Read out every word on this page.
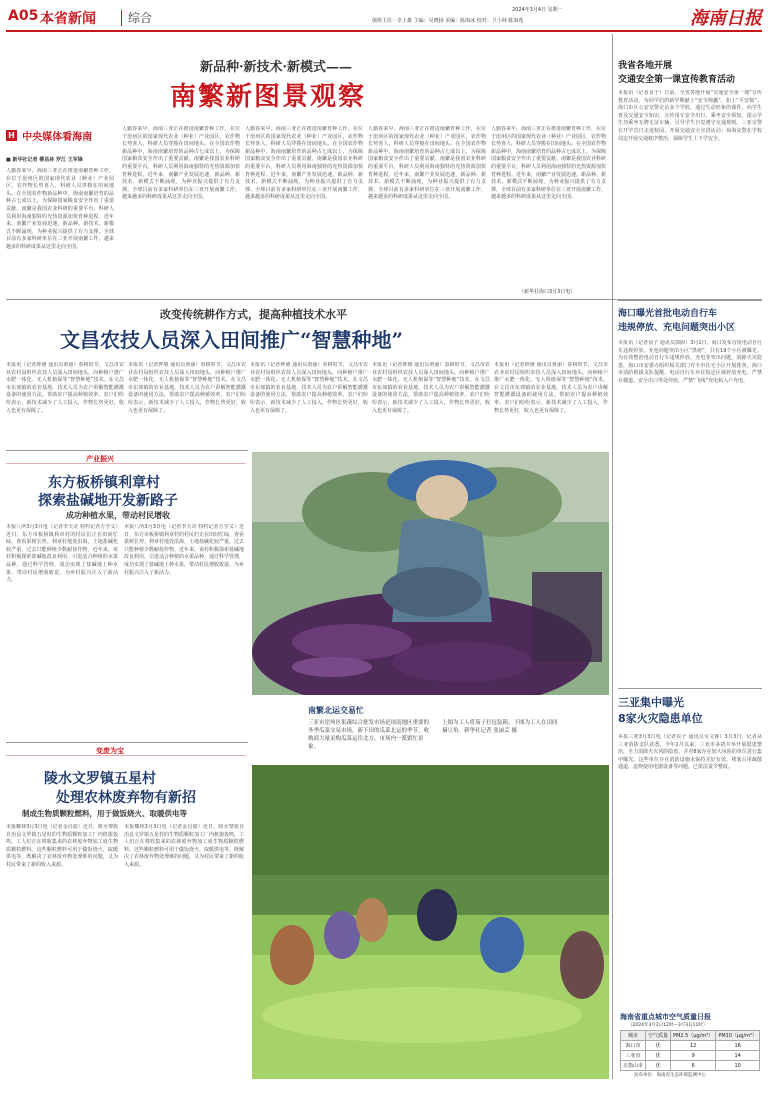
A05 本省新闻	综合
2024年3月4日 星期一
值班主任：卓上雄 主编：吴晓扬 美编：陈海冰 校对：卫小林 陈海莲	海南日报
新品种·新技术·新模式——
南繁新图景观察
H 中央媒体看海南
■ 新华社记者 柳昌林 罗江 王军锋
人勤春来早。海南三亚正在推进南繁育种工作，在位于崖州区的国家现代农业（种业）产业园区，农作物长势喜人，科研人员穿梭在田间地头。在全国农作物新品种中，海南南繁培育的品种占七成以上，为保障国家粮食安全作出了重要贡献。南繁是我国农业科研的重要平台，科研人员利用海南独特的光热资源加快育种进程。近年来，南繁产业发展迅速，新品种、新技术、新模式不断涌现，为种业振兴提供了有力支撑。全球目前有多家科研单位在三亚开展南繁工作，越来越多的科研成果从这里走向全国。
人勤春来早。海南三亚正在推进南繁育种工作，在位于崖州区的国家现代农业（种业）产业园区，农作物长势喜人，科研人员穿梭在田间地头。在全国农作物新品种中，海南南繁培育的品种占七成以上，为保障国家粮食安全作出了重要贡献。南繁是我国农业科研的重要平台，科研人员利用海南独特的光热资源加快育种进程。近年来，南繁产业发展迅速，新品种、新技术、新模式不断涌现，为种业振兴提供了有力支撑。全球目前有多家科研单位在三亚开展南繁工作，越来越多的科研成果从这里走向全国。
人勤春来早。海南三亚正在推进南繁育种工作，在位于崖州区的国家现代农业（种业）产业园区，农作物长势喜人，科研人员穿梭在田间地头。在全国农作物新品种中，海南南繁培育的品种占七成以上，为保障国家粮食安全作出了重要贡献。南繁是我国农业科研的重要平台，科研人员利用海南独特的光热资源加快育种进程。近年来，南繁产业发展迅速，新品种、新技术、新模式不断涌现，为种业振兴提供了有力支撑。全球目前有多家科研单位在三亚开展南繁工作，越来越多的科研成果从这里走向全国。
人勤春来早。海南三亚正在推进南繁育种工作，在位于崖州区的国家现代农业（种业）产业园区，农作物长势喜人，科研人员穿梭在田间地头。在全国农作物新品种中，海南南繁培育的品种占七成以上，为保障国家粮食安全作出了重要贡献。南繁是我国农业科研的重要平台，科研人员利用海南独特的光热资源加快育种进程。近年来，南繁产业发展迅速，新品种、新技术、新模式不断涌现，为种业振兴提供了有力支撑。全球目前有多家科研单位在三亚开展南繁工作，越来越多的科研成果从这里走向全国。
人勤春来早。海南三亚正在推进南繁育种工作，在位于崖州区的国家现代农业（种业）产业园区，农作物长势喜人，科研人员穿梭在田间地头。在全国农作物新品种中，海南南繁培育的品种占七成以上，为保障国家粮食安全作出了重要贡献。南繁是我国农业科研的重要平台，科研人员利用海南独特的光热资源加快育种进程。近年来，南繁产业发展迅速，新品种、新技术、新模式不断涌现，为种业振兴提供了有力支撑。全球目前有多家科研单位在三亚开展南繁工作，越来越多的科研成果从这里走向全国。
（新华社海口3月3日电）
我省各地开展
交通安全第一课宣传教育活动
本报讯（记者良子）日前，全省各地开展“交通安全第一课”宣传教育活动，为同学们的新学期献上“安全锦囊”，扣上“平安锁”。海口市区公安交警走访多个学校，通过生动形象的课件，向学生普及交通安全知识，宣传用车安全出行、乘坐安全须知，提示学生勿乘坐无牌无证车辆，引导学生自觉遵守交通规则。三亚交警在开学首日走进校园，开展交通安全宣讲活动；琼海交警在学校周边开展交通秩序整治，保障学生上下学安全。
改变传统耕作方式，提高种植技术水平
文昌农技人员深入田间推广“智慧种地”
本报讯（记者钟黛 通讯员黄丽）春耕时节，文昌市农业农村局组织农技人员深入田间地头，向种植户推广水肥一体化、无人机植保等“智慧种地”技术。在文昌市东郊镇的农业基地，技术人员为农户讲解智能灌溉设备的使用方法，帮助农户提高种植效率。农户们纷纷表示，新技术减少了人工投入，作物长势更好，收入也更有保障了。
本报讯（记者钟黛 通讯员黄丽）春耕时节，文昌市农业农村局组织农技人员深入田间地头，向种植户推广水肥一体化、无人机植保等“智慧种地”技术。在文昌市东郊镇的农业基地，技术人员为农户讲解智能灌溉设备的使用方法，帮助农户提高种植效率。农户们纷纷表示，新技术减少了人工投入，作物长势更好，收入也更有保障了。
本报讯（记者钟黛 通讯员黄丽）春耕时节，文昌市农业农村局组织农技人员深入田间地头，向种植户推广水肥一体化、无人机植保等“智慧种地”技术。在文昌市东郊镇的农业基地，技术人员为农户讲解智能灌溉设备的使用方法，帮助农户提高种植效率。农户们纷纷表示，新技术减少了人工投入，作物长势更好，收入也更有保障了。
本报讯（记者钟黛 通讯员黄丽）春耕时节，文昌市农业农村局组织农技人员深入田间地头，向种植户推广水肥一体化、无人机植保等“智慧种地”技术。在文昌市东郊镇的农业基地，技术人员为农户讲解智能灌溉设备的使用方法，帮助农户提高种植效率。农户们纷纷表示，新技术减少了人工投入，作物长势更好，收入也更有保障了。
本报讯（记者钟黛 通讯员黄丽）春耕时节，文昌市农业农村局组织农技人员深入田间地头，向种植户推广水肥一体化、无人机植保等“智慧种地”技术。在文昌市东郊镇的农业基地，技术人员为农户讲解智能灌溉设备的使用方法，帮助农户提高种植效率。农户们纷纷表示，新技术减少了人工投入，作物长势更好，收入也更有保障了。
海口曝光首批电动自行车
违规停放、充电问题突出小区
本报讯（记者良子 通讯员郭蔚）3月1日，海口发布首批电动自行车违规停放、充电问题突出小区“黑榜”，共有19个小区被曝光。为有效整治电动自行车违规停放、充电等突出问题，消除火灾隐患，海口市安委办组织相关部门对全市住宅小区开展排查。海口市消防救援支队提醒，电动自行车应在指定区域停放充电，严禁在楼道、安全出口等处停放，严禁“飞线”充电和入户充电。
产业振兴
东方板桥镇利章村
探索盐碱地开发新路子
成功种植水果，带动村民增收
本报八所3月3日电（记者李天奇 特约记者方学义）近日，东方市板桥镇利章村的村民们正在田间忙碌，查看果树长势。利章村地处沿海，土地盐碱化较严重，过去只能种植少数耐盐作物。近年来，该村积极探索盐碱地改良利用，引进适合种植的水果品种，通过科学管理，成功实现了盐碱地上种水果，带动村民增收致富，为乡村振兴注入了新活力。
本报八所3月3日电（记者李天奇 特约记者方学义）近日，东方市板桥镇利章村的村民们正在田间忙碌，查看果树长势。利章村地处沿海，土地盐碱化较严重，过去只能种植少数耐盐作物。近年来，该村积极探索盐碱地改良利用，引进适合种植的水果品种，通过科学管理，成功实现了盐碱地上种水果，带动村民增收致富，为乡村振兴注入了新活力。
变废为宝
陵水文罗镇五星村
处理农林废弃物有新招
制成生物质颗粒燃料，用于做饭烧火、取暖供电等
本报椰林3月3日电（记者金昌波）近日，陵水黎族自治县文罗镇五星村的生物质颗粒加工厂内机器轰鸣，工人们正在将收集来的农林废弃物加工成生物质颗粒燃料。这些颗粒燃料可用于做饭烧火、取暖供电等，既解决了农林废弃物处理难的问题，又为村民带来了新的收入来源。
本报椰林3月3日电（记者金昌波）近日，陵水黎族自治县文罗镇五星村的生物质颗粒加工厂内机器轰鸣，工人们正在将收集来的农林废弃物加工成生物质颗粒燃料。这些颗粒燃料可用于做饭烧火、取暖供电等，既解决了农林废弃物处理难的问题，又为村民带来了新的收入来源。
南繁北运交易忙
三亚市崖州区果蔬综合批发市场是琼南地区重要的冬季瓜菜交易市场，新下田的瓜菜北运的季节，收购商大量采购瓜菜运往北方，市场内一派繁忙景象。
上图为工人将茄子打包装箱。下图为工人在田间摘豆角。新华社记者 张丽芸 摄
三亚集中曝光
8家火灾隐患单位
本报三亚3月3日电（记者良子 通讯员吴文睿）3月3日，记者从三亚消防支队获悉，今年2月以来，三亚市多措并举开展隐患整治，全力消除火灾风险隐患，并对8家存在较大风险的单位进行集中曝光。这些单位存在消防设施未保持完好有效、堵塞占用疏散通道、违规使用电器设备等问题，已依法责令整改。
海南省重点城市空气质量日报
（2024年3月2日12时—3月3日11时）
城市	空气质量	PM2.5（μg/m³）	PM10（μg/m³）
海口市	优	12	16
三亚市	优	9	14
五指山市	优	6	10
发布单位：海南省生态环境监测中心
